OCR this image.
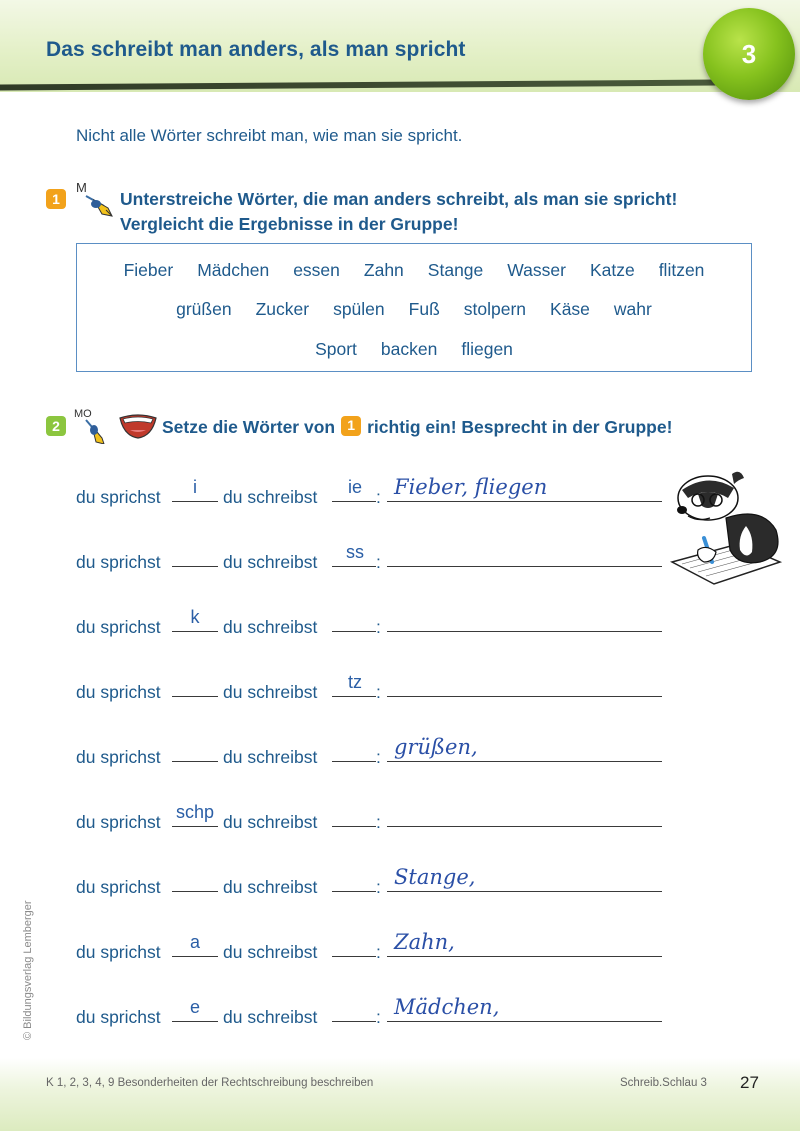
Das schreibt man anders, als man spricht	3
Nicht alle Wörter schreibt man, wie man sie spricht.
1
M
Unterstreiche Wörter, die man anders schreibt, als man sie spricht!
Vergleicht die Ergebnisse in der Gruppe!
Fieber Mädchen essen Zahn Stange Wasser Katze flitzen
grüßen Zucker spülen Fuß stolpern Käse wahr
Sport backen fliegen
2
MO
Setze die Wörter von 1 richtig ein! Besprecht in der Gruppe!
du sprichst	i	du schreibst	ie : Fieber, fliegen
du sprichst	du schreibst	ss :
du sprichst	k	du schreibst	:
du sprichst	du schreibst	tz :
du sprichst	du schreibst	: grüßen,
du sprichst schp du schreibst	:
du sprichst	du schreibst	: Stange,
du sprichst	a	du schreibst	: Zahn,
du sprichst	e	du schreibst	: Mädchen,
© Bildungsverlag Lemberger
K 1, 2, 3, 4, 9 Besonderheiten der Rechtschreibung beschreiben	Schreib.Schlau 3 27
